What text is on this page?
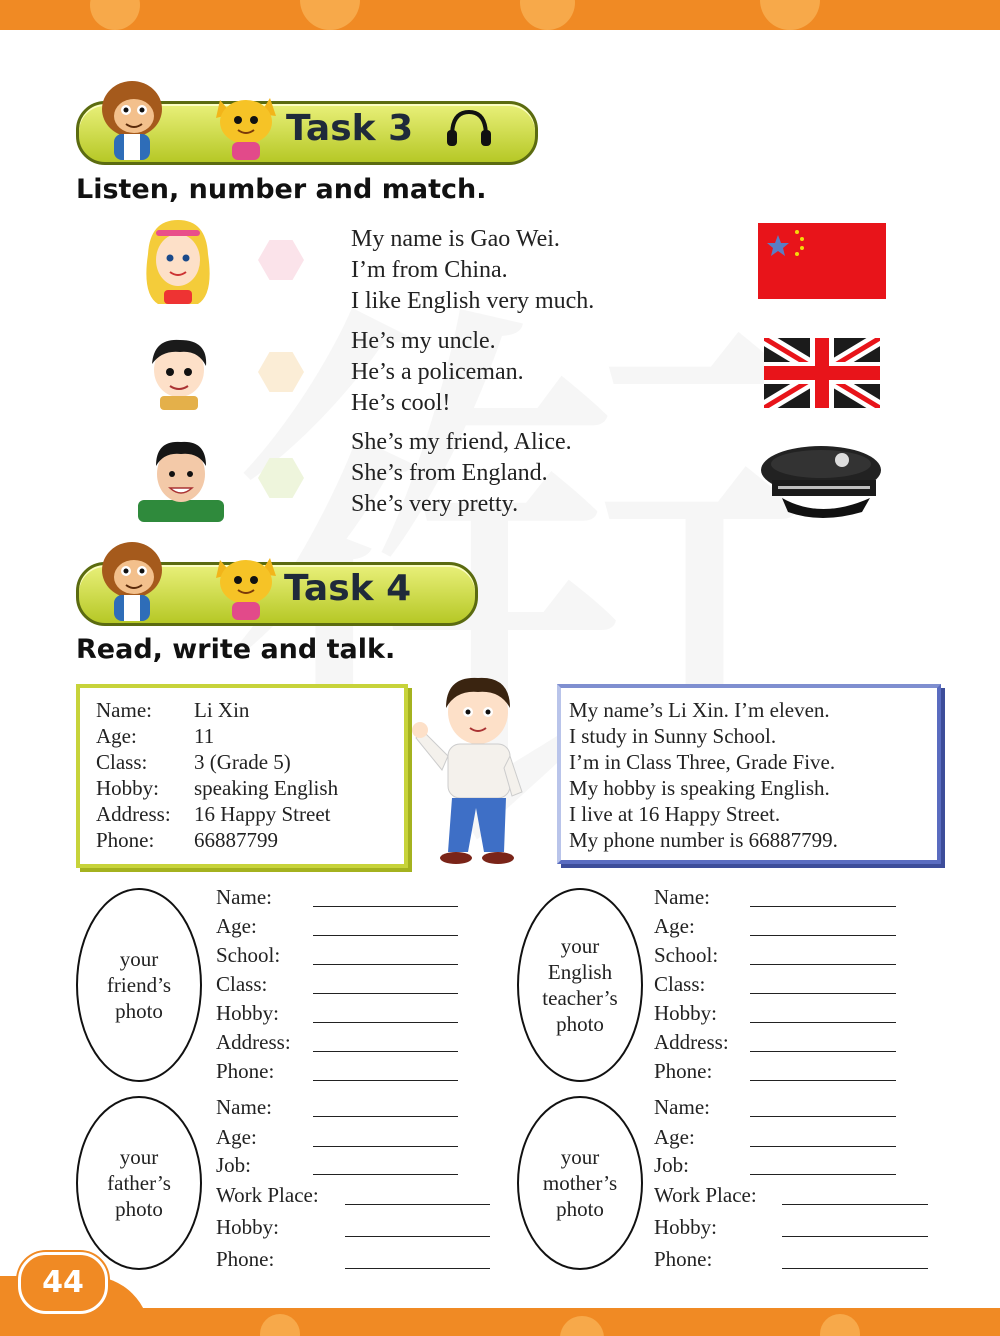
Task 3
Listen, number and match.
My name is Gao Wei.
I’m from China.
I like English very much.
He’s my uncle.
He’s a policeman.
He’s cool!
She’s my friend, Alice.
She’s from England.
She’s very pretty.
Task 4
Read, write and talk.
Name: Li Xin
Age:	11
Class: 3 (Grade 5)
Hobby: speaking English
Address: 16 Happy Street
Phone: 66887799
My name’s Li Xin. I’m eleven.
I study in Sunny School.
I’m in Class Three, Grade Five.
My hobby is speaking English.
I live at 16 Happy Street.
My phone number is 66887799.
your
friend’s
photo
Name:
Age:
School:
Class:
Hobby:
Address:
Phone:
your
English
teacher’s
photo
Name:
Age:
School:
Class:
Hobby:
Address:
Phone:
your
father’s
photo
Name:
Age:
Job:
Work Place:
Hobby:
Phone:
your
mother’s
photo
Name:
Age:
Job:
Work Place:
Hobby:
Phone:
44
